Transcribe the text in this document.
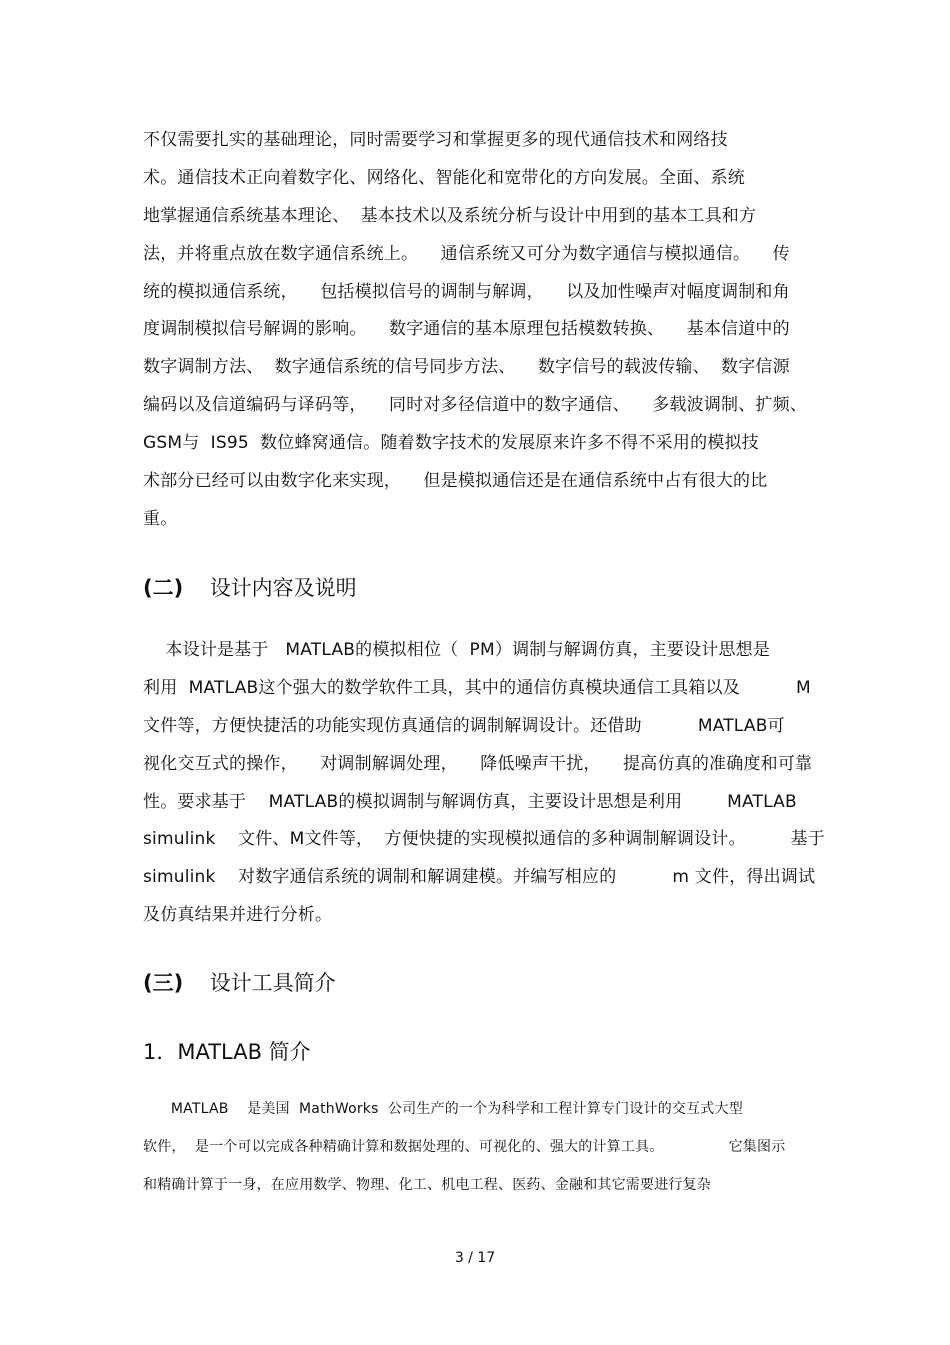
不仅需要扎实的基础理论，同时需要学习和掌握更多的现代通信技术和网络技
术。通信技术正向着数字化、网络化、智能化和宽带化的方向发展。全面、系统
地掌握通信系统基本理论、  基本技术以及系统分析与设计中用到的基本工具和方
法，并将重点放在数字通信系统上。    通信系统又可分为数字通信与模拟通信。    传
统的模拟通信系统，    包括模拟信号的调制与解调，    以及加性噪声对幅度调制和角
度调制模拟信号解调的影响。    数字通信的基本原理包括模数转换、    基本信道中的
数字调制方法、  数字通信系统的信号同步方法、    数字信号的载波传输、  数字信源
编码以及信道编码与译码等，    同时对多径信道中的数字通信、    多载波调制、扩频、
GSM与  IS95  数位蜂窝通信。随着数字技术的发展原来许多不得不采用的模拟技
术部分已经可以由数字化来实现，    但是模拟通信还是在通信系统中占有很大的比
重。
(二) 设计内容及说明
本设计是基于   MATLAB的模拟相位（  PM）调制与解调仿真，主要设计思想是
利用  MATLAB这个强大的数学软件工具，其中的通信仿真模块通信工具箱以及          M
文件等，方便快捷活的功能实现仿真通信的调制解调设计。还借助          MATLAB可
视化交互式的操作，    对调制解调处理，    降低噪声干扰，    提高仿真的准确度和可靠
性。要求基于    MATLAB的模拟调制与解调仿真，主要设计思想是利用        MATLAB
simulink    文件、M文件等，  方便快捷的实现模拟通信的多种调制解调设计。        基于
simulink    对数字通信系统的调制和解调建模。并编写相应的          m 文件，得出调试
及仿真结果并进行分析。
(三) 设计工具简介
1．MATLAB 简介
MATLAB    是美国  MathWorks  公司生产的一个为科学和工程计算专门设计的交互式大型
软件，  是一个可以完成各种精确计算和数据处理的、可视化的、强大的计算工具。              它集图示
和精确计算于一身，在应用数学、物理、化工、机电工程、医药、金融和其它需要进行复杂
3 / 17
